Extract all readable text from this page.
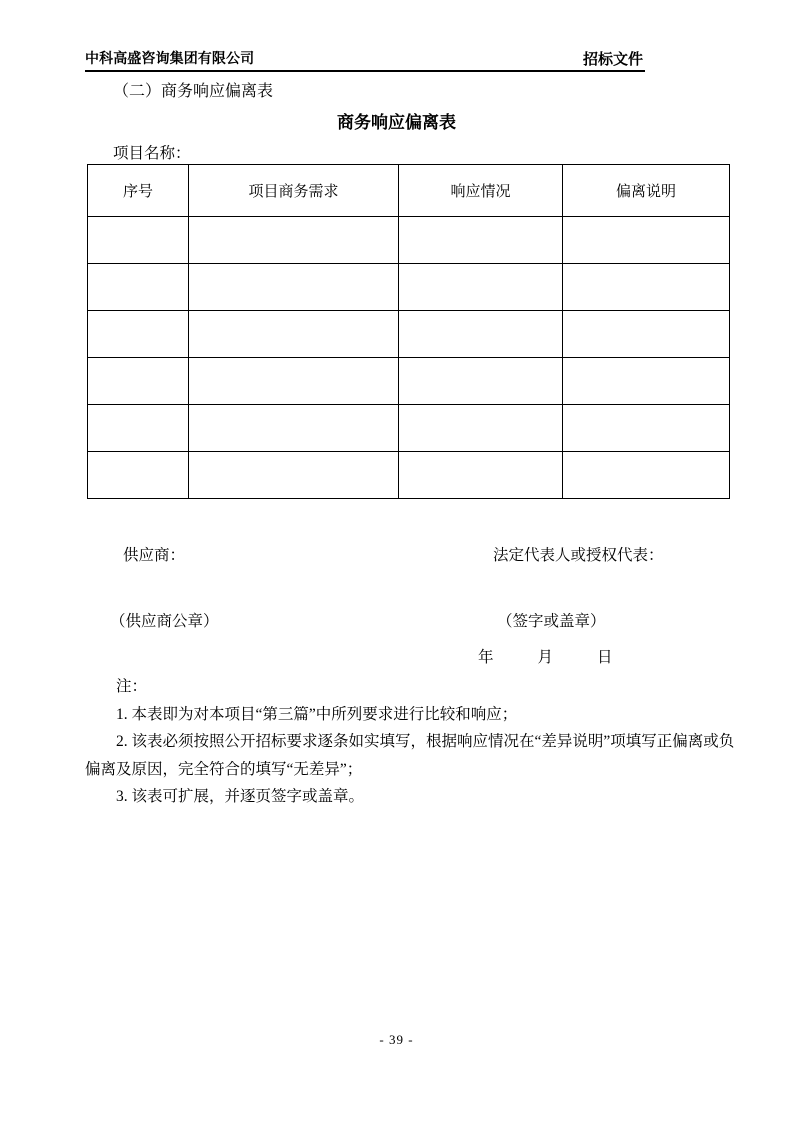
中科高盛咨询集团有限公司	招标文件
（二）商务响应偏离表
商务响应偏离表
项目名称：
序号	项目商务需求	响应情况	偏离说明

供应商：	法定代表人或授权代表：
（供应商公章）	（签字或盖章）
年	月	日

注：

1. 本表即为对本项目“第三篇”中所列要求进行比较和响应；

2. 该表必须按照公开招标要求逐条如实填写，根据响应情况在“差异说明”项填写正偏离或负偏离及原因，完全符合的填写“无差异”；

3. 该表可扩展，并逐页签字或盖章。

- 39 -
